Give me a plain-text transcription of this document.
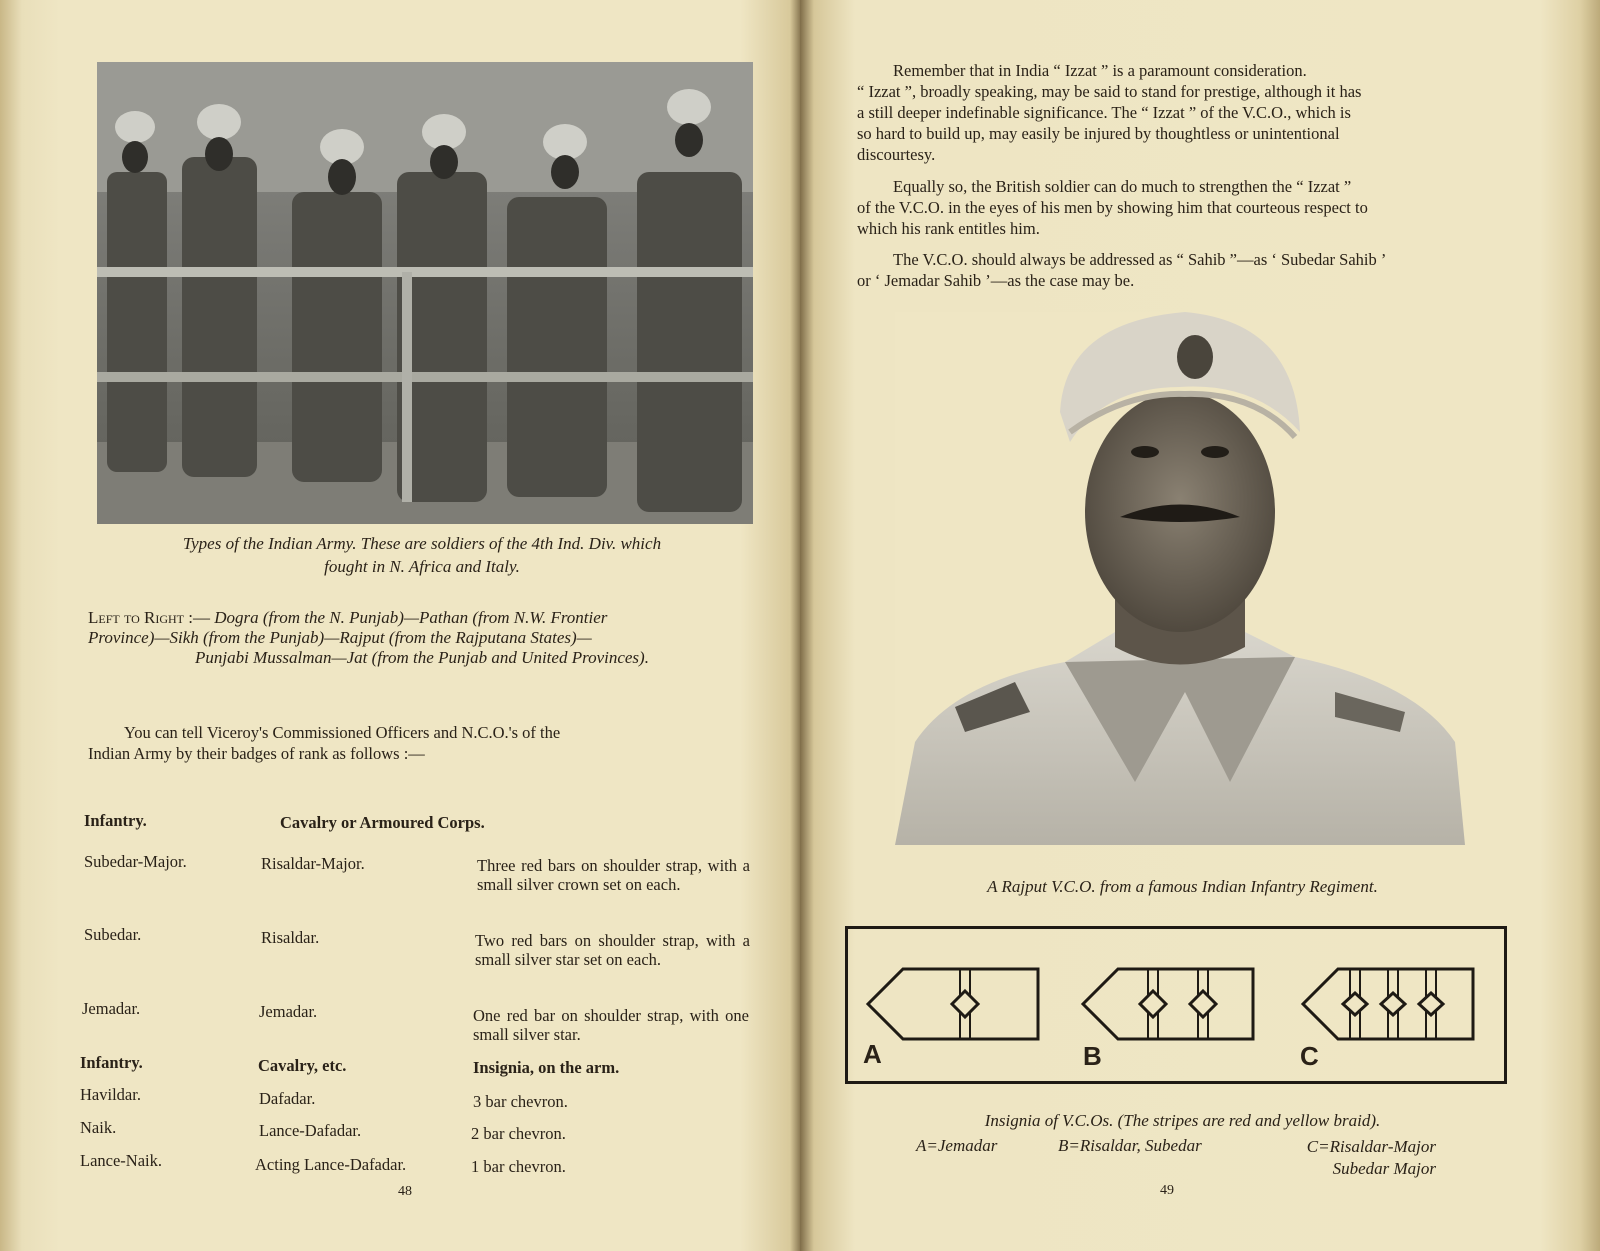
Types of the Indian Army. These are soldiers of the 4th Ind. Div. which
fought in N. Africa and Italy.
Left to Right :— Dogra (from the N. Punjab)—Pathan (from N.W. Frontier
Province)—Sikh (from the Punjab)—Rajput (from the Rajputana States)—
Punjabi Mussalman—Jat (from the Punjab and United Provinces).
You can tell Viceroy's Commissioned Officers and N.C.O.'s of the
Indian Army by their badges of rank as follows :—
Infantry.	Cavalry or Armoured Corps.
Subedar-Major.	Risaldar-Major.	Three red bars on shoulder strap, with a small silver crown set on each.
Subedar.	Risaldar.	Two red bars on shoulder strap, with a small silver star set on each.
Jemadar.	Jemadar.	One red bar on shoulder strap, with one small silver star.
Infantry.	Cavalry, etc.	Insignia, on the arm.
Havildar.	Dafadar.	3 bar chevron.
Naik.	Lance-Dafadar.	2 bar chevron.
Lance-Naik.	Acting Lance-Dafadar.	1 bar chevron.
48
Remember that in India “ Izzat ” is a paramount consideration.
“ Izzat ”, broadly speaking, may be said to stand for prestige, although it has
a still deeper indefinable significance. The “ Izzat ” of the V.C.O., which is
so hard to build up, may easily be injured by thoughtless or unintentional
discourtesy.
Equally so, the British soldier can do much to strengthen the “ Izzat ”
of the V.C.O. in the eyes of his men by showing him that courteous respect to
which his rank entitles him.
The V.C.O. should always be addressed as “ Sahib ”—as ‘ Subedar Sahib ’
or ‘ Jemadar Sahib ’—as the case may be.
A Rajput V.C.O. from a famous Indian Infantry Regiment.
A	B	C
Insignia of V.C.Os. (The stripes are red and yellow braid).
A=Jemadar	B=Risaldar, Subedar	C=Risaldar-Major
Subedar Major
49
